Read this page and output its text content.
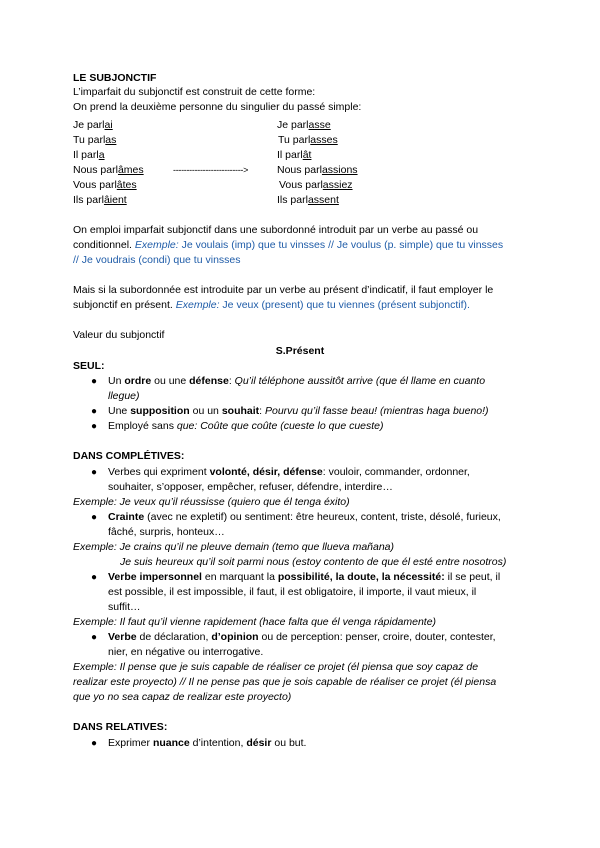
LE SUBJONCTIF
L’imparfait du subjonctif est construit de cette forme:
On prend la deuxième personne du singulier du passé simple:
Je parlai
Tu parlas
Il parla
Nous parlâmes
Vous parlâtes
Ils parlâient
-------------------------->
Je parlasse
Tu parlasses
Il parlât
Nous parlassions
Vous parlassiez
Ils parlassent
On emploi imparfait subjonctif dans une subordonné introduit par un verbe au passé ou
conditionnel. Exemple: Je voulais (imp) que tu vinsses // Je voulus (p. simple) que tu vinsses
// Je voudrais (condi) que tu vinsses
Mais si la subordonnée est introduite par un verbe au présent d’indicatif, il faut employer le
subjonctif en présent. Exemple: Je veux (present) que tu viennes (présent subjonctif).
Valeur du subjonctif
S.Présent
SEUL:
● Un ordre ou une défense: Qu’il téléphone aussitôt arrive (que él llame en cuanto
llegue)
● Une supposition ou un souhait: Pourvu qu’il fasse beau! (mientras haga bueno!)
● Employé sans que: Coûte que coûte (cueste lo que cueste)
DANS COMPLÉTIVES:
● Verbes qui expriment volonté, désir, défense: vouloir, commander, ordonner,
souhaiter, s’opposer, empêcher, refuser, défendre, interdire…
Exemple: Je veux qu’il réussisse (quiero que él tenga éxito)
● Crainte (avec ne expletif) ou sentiment: être heureux, content, triste, désolé, furieux,
fâché, surpris, honteux…
Exemple: Je crains qu’il ne pleuve demain (temo que llueva mañana)
Je suis heureux qu’il soit parmi nous (estoy contento de que él esté entre nosotros)
● Verbe impersonnel en marquant la possibilité, la doute, la nécessité: il se peut, il
est possible, il est impossible, il faut, il est obligatoire, il importe, il vaut mieux, il
suffit…
Exemple: Il faut qu’il vienne rapidement (hace falta que él venga rápidamente)
● Verbe de déclaration, d’opinion ou de perception: penser, croire, douter, contester,
nier, en négative ou interrogative.
Exemple: Il pense que je suis capable de réaliser ce projet (él piensa que soy capaz de
realizar este proyecto) // Il ne pense pas que je sois capable de réaliser ce projet (él piensa
que yo no sea capaz de realizar este proyecto)
DANS RELATIVES:
● Exprimer nuance d’intention, désir ou but.
